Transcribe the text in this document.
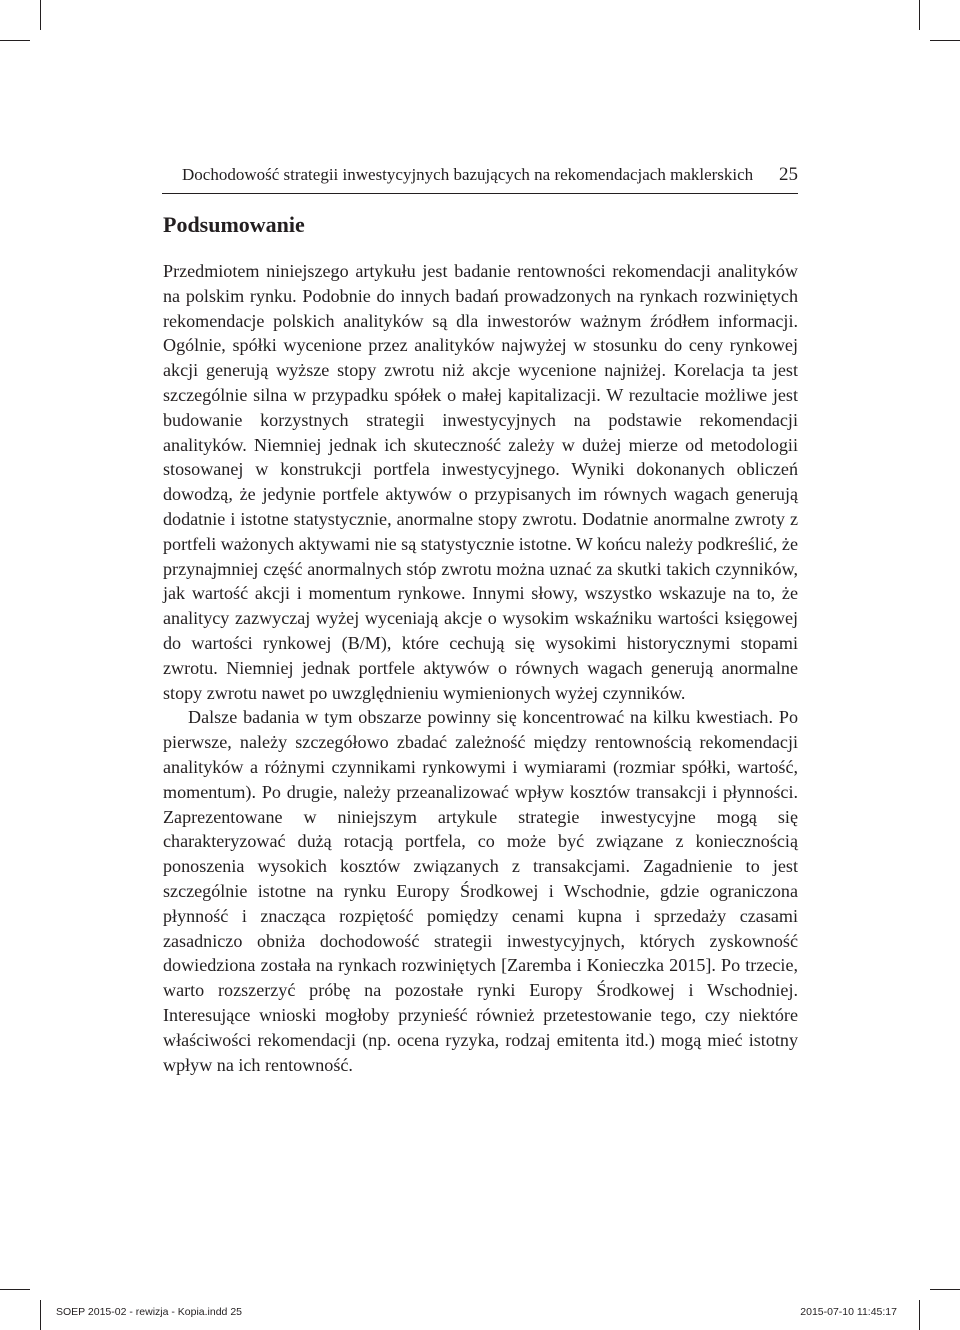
Dochodowość strategii inwestycyjnych bazujących na rekomendacjach maklerskich 25
Podsumowanie

Przedmiotem niniejszego artykułu jest badanie rentowności rekomendacji analityków na polskim rynku. Podobnie do innych badań prowadzonych na rynkach rozwiniętych rekomendacje polskich analityków są dla inwestorów ważnym źródłem informacji. Ogólnie, spółki wycenione przez analityków najwyżej w stosunku do ceny rynkowej akcji generują wyższe stopy zwrotu niż akcje wycenione najniżej. Korelacja ta jest szczególnie silna w przypadku spółek o małej kapitalizacji. W rezultacie możliwe jest budowanie korzystnych strategii inwestycyjnych na podstawie rekomendacji analityków. Niemniej jednak ich skuteczność zależy w dużej mierze od metodologii stosowanej w konstrukcji portfela inwestycyjnego. Wyniki dokonanych obliczeń dowodzą, że jedynie portfele aktywów o przypisanych im równych wagach generują dodatnie i istotne statystycznie, anormalne stopy zwrotu. Dodatnie anormalne zwroty z portfeli ważonych aktywami nie są statystycznie istotne. W końcu należy podkreślić, że przynajmniej część anormalnych stóp zwrotu można uznać za skutki takich czynników, jak wartość akcji i momentum rynkowe. Innymi słowy, wszystko wskazuje na to, że analitycy zazwyczaj wyżej wyceniają akcje o wysokim wskaźniku wartości księgowej do wartości rynkowej (B/M), które cechują się wysokimi historycznymi stopami zwrotu. Niemniej jednak portfele aktywów o równych wagach generują anormalne stopy zwrotu nawet po uwzględnieniu wymienionych wyżej czynników.

Dalsze badania w tym obszarze powinny się koncentrować na kilku kwestiach. Po pierwsze, należy szczegółowo zbadać zależność między rentownością rekomendacji analityków a różnymi czynnikami rynkowymi i wymiarami (rozmiar spółki, wartość, momentum). Po drugie, należy przeanalizować wpływ kosztów transakcji i płynności. Zaprezentowane w niniejszym artykule strategie inwestycyjne mogą się charakteryzować dużą rotacją portfela, co może być związane z koniecznością ponoszenia wysokich kosztów związanych z transakcjami. Zagadnienie to jest szczególnie istotne na rynku Europy Środkowej i Wschodnie, gdzie ograniczona płynność i znacząca rozpiętość pomiędzy cenami kupna i sprzedaży czasami zasadniczo obniża dochodowość strategii inwestycyjnych, których zyskowność dowiedziona została na rynkach rozwiniętych [Zaremba i Konieczka 2015]. Po trzecie, warto rozszerzyć próbę na pozostałe rynki Europy Środkowej i Wschodniej. Interesujące wnioski mogłoby przynieść również przetestowanie tego, czy niektóre właściwości rekomendacji (np. ocena ryzyka, rodzaj emitenta itd.) mogą mieć istotny wpływ na ich rentowność.

SOEP 2015-02 - rewizja - Kopia.indd 25	2015-07-10 11:45:17
